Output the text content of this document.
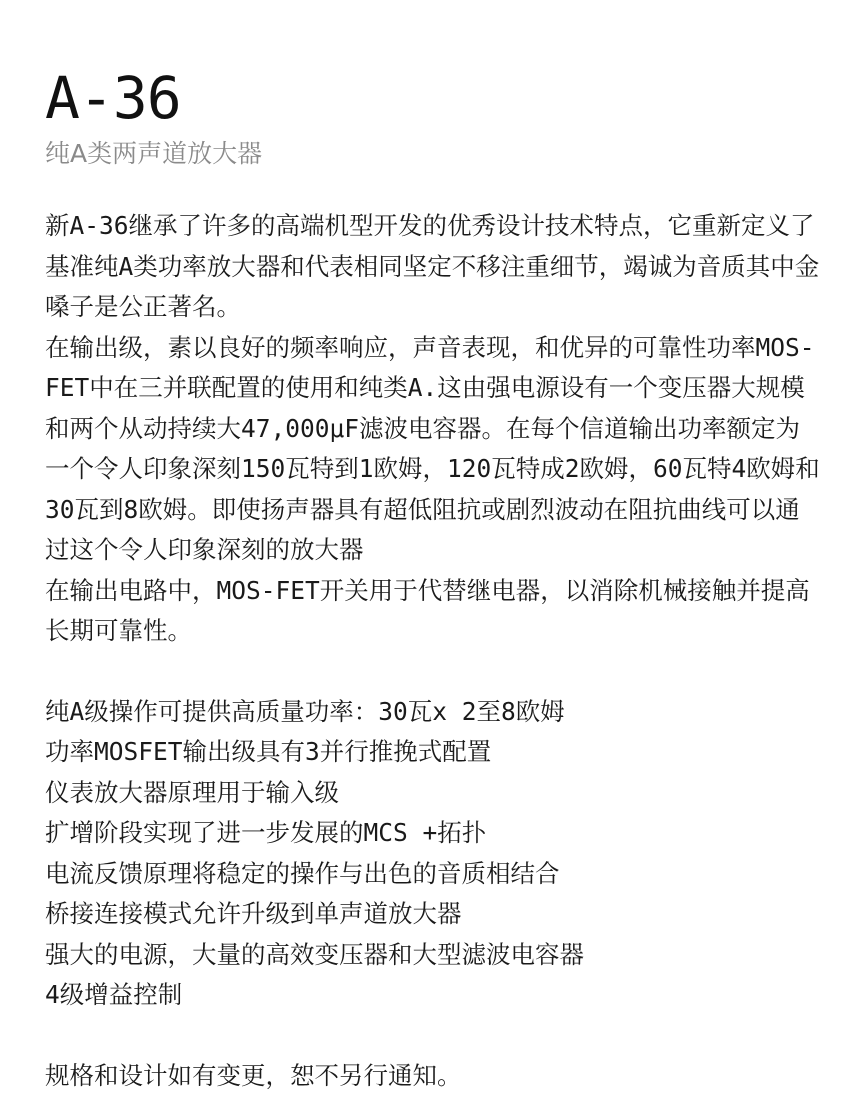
A-36
纯A类两声道放大器

新A-36继承了许多的高端机型开发的优秀设计技术特点，它重新定义了基准纯A类功率放大器和代表相同坚定不移注重细节，竭诚为音质其中金嗓子是公正著名。

在输出级，素以良好的频率响应，声音表现，和优异的可靠性功率MOS-FET中在三并联配置的使用和纯类A.这由强电源设有一个变压器大规模和两个从动持续大47,000μF滤波电容器。在每个信道输出功率额定为一个令人印象深刻150瓦特到1欧姆，120瓦特成2欧姆，60瓦特4欧姆和30瓦到8欧姆。即使扬声器具有超低阻抗或剧烈波动在阻抗曲线可以通过这个令人印象深刻的放大器

在输出电路中，MOS-FET开关用于代替继电器，以消除机械接触并提高长期可靠性。

纯A级操作可提供高质量功率：30瓦x 2至8欧姆
功率MOSFET输出级具有3并行推挽式配置
仪表放大器原理用于输入级
扩增阶段实现了进一步发展的MCS +拓扑
电流反馈原理将稳定的操作与出色的音质相结合
桥接连接模式允许升级到单声道放大器
强大的电源，大量的高效变压器和大型滤波电容器
4级增益控制

规格和设计如有变更，恕不另行通知。
